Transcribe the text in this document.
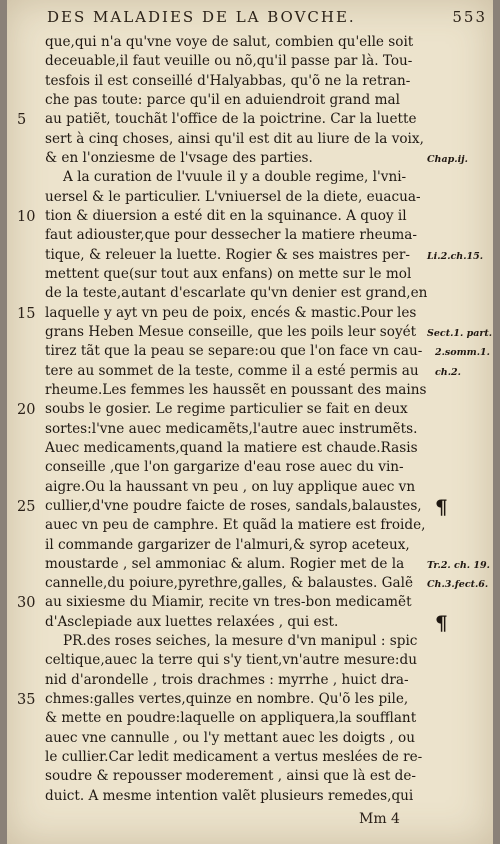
DES MALADIES DE LA BOVCHE.	553
que,qui n'a qu'vne voye de salut, combien qu'elle soit
deceuable,il faut veuille ou nõ,qu'il passe par là. Tou-
tesfois il est conseillé d'Halyabbas, qu'õ ne la retran-
che pas toute: parce qu'il en aduiendroit grand mal
au patiẽt, touchãt l'office de la poictrine. Car la luette
sert à cinq choses, ainsi qu'il est dit au liure de la voix,
& en l'onziesme de l'vsage des parties.
A la curation de l'vuule il y a double regime, l'vni-
uersel & le particulier. L'vniuersel de la diete, euacua-
tion & diuersion a esté dit en la squinance. A quoy il
faut adiouster,que pour dessecher la matiere rheuma-
tique, & releuer la luette. Rogier & ses maistres per-
mettent que(sur tout aux enfans) on mette sur le mol
de la teste,autant d'escarlate qu'vn denier est grand,en
laquelle y ayt vn peu de poix, encés & mastic.Pour les
grans Heben Mesue conseille, que les poils leur soyét
tirez tãt que la peau se separe:ou que l'on face vn cau-
tere au sommet de la teste, comme il a esté permis au
rheume.Les femmes les haussẽt en poussant des mains
soubs le gosier. Le regime particulier se fait en deux
sortes:l'vne auec medicamẽts,l'autre auec instrumẽts.
Auec medicaments,quand la matiere est chaude.Rasis
conseille ,que l'on gargarize d'eau rose auec du vin-
aigre.Ou la haussant vn peu , on luy applique auec vn
cullier,d'vne poudre faicte de roses, sandals,balaustes,
auec vn peu de camphre. Et quãd la matiere est froide,
il commande gargarizer de l'almuri,& syrop aceteux,
moustarde , sel ammoniac & alum. Rogier met de la
cannelle,du poiure,pyrethre,galles, & balaustes. Galẽ
au sixiesme du Miamir, recite vn tres-bon medicamẽt
d'Asclepiade aux luettes relaxées , qui est.
PR.des roses seiches, la mesure d'vn manipul : spic
celtique,auec la terre qui s'y tient,vn'autre mesure:du
nid d'arondelle , trois drachmes : myrrhe , huict dra-
chmes:galles vertes,quinze en nombre. Qu'õ les pile,
& mette en poudre:laquelle on appliquera,la soufflant
auec vne cannulle , ou l'y mettant auec les doigts , ou
le cullier.Car ledit medicament a vertus meslées de re-
soudre & repousser moderement , ainsi que là est de-
duict. A mesme intention valẽt plusieurs remedes,qui
5
10
15
20
25
30
35
Chap.ij.
Li.2.ch.15.
Sect.1. part.
2.somm.1.
ch.2.
Tr.2. ch. 19.
Ch.3.fect.6.
¶
¶
Mm 4
